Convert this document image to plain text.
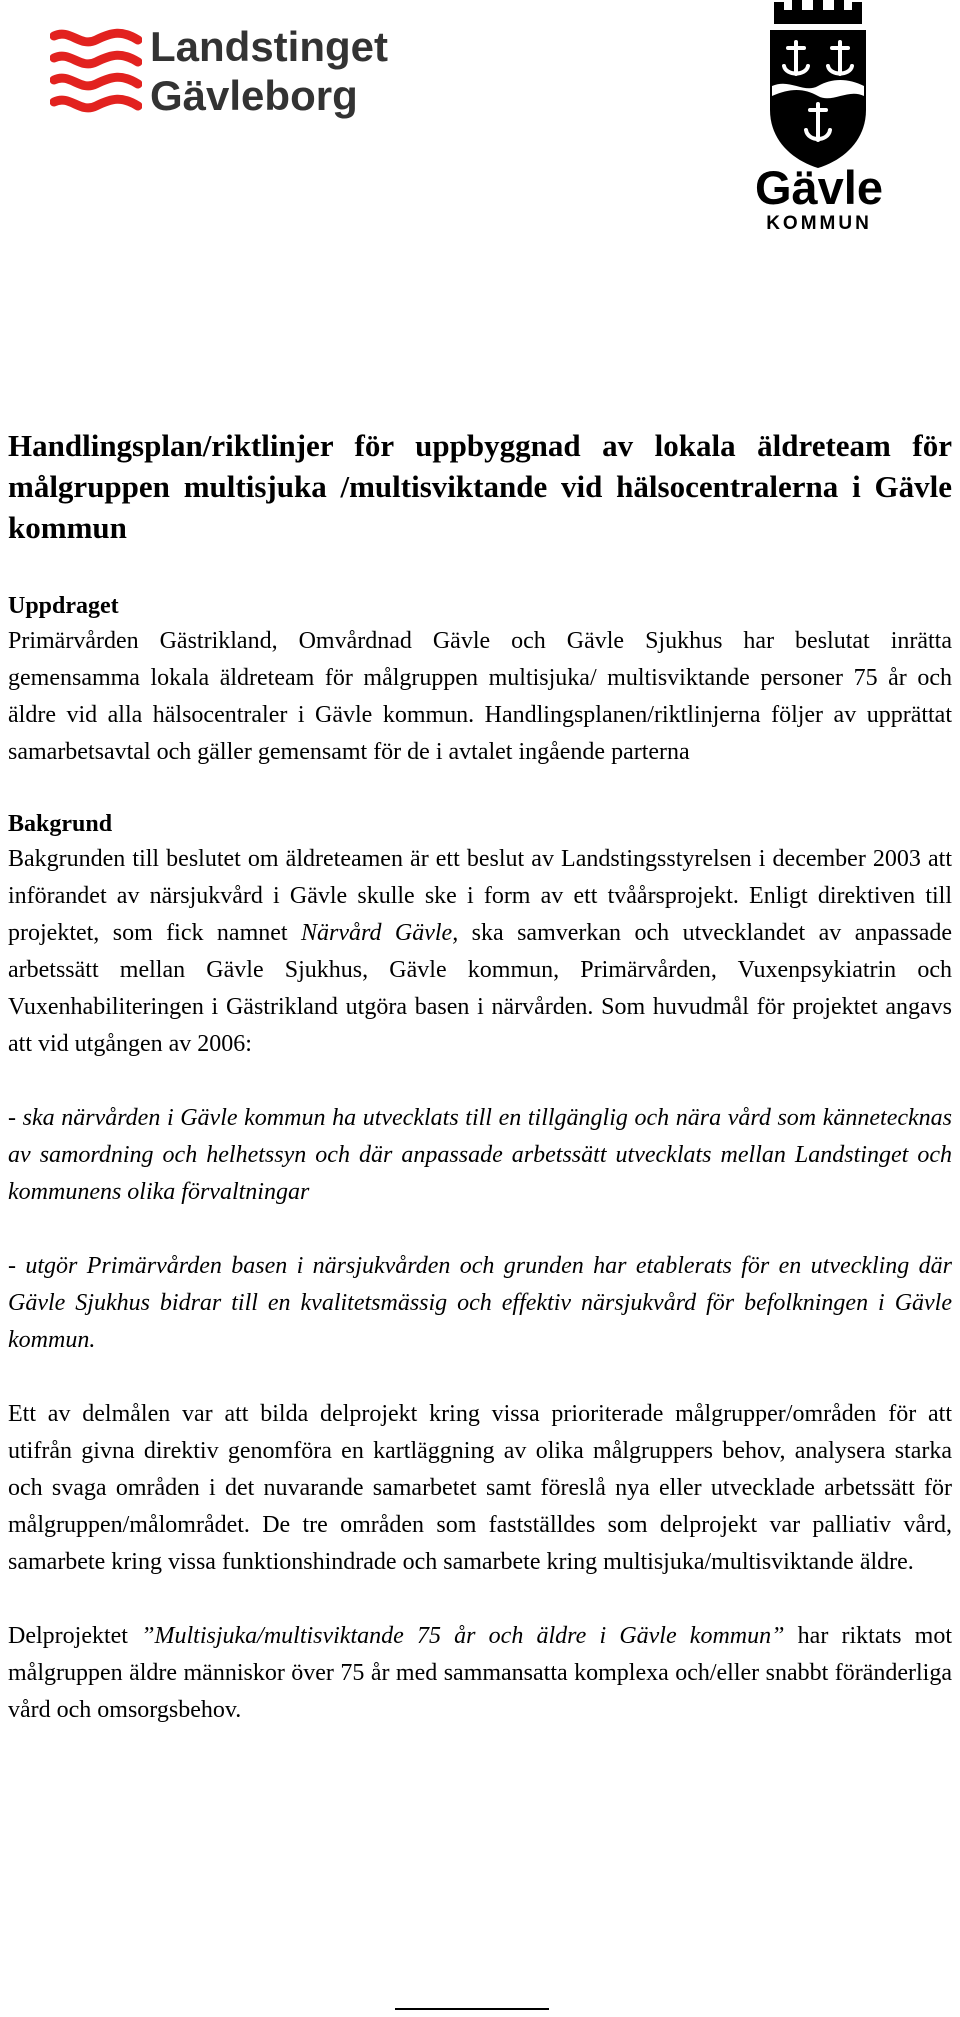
Landstinget
Gävleborg
Gävle
KOMMUN
Handlingsplan/riktlinjer för uppbyggnad av lokala äldreteam för målgruppen multisjuka /multisviktande vid hälsocentralerna i Gävle kommun
Uppdraget

Primärvården Gästrikland, Omvårdnad Gävle och Gävle Sjukhus har beslutat inrätta gemensamma lokala äldreteam för målgruppen multisjuka/ multisviktande personer 75 år och äldre vid alla hälsocentraler i Gävle kommun. Handlingsplanen/riktlinjerna följer av upprättat samarbetsavtal och gäller gemensamt för de i avtalet ingående parterna

Bakgrund

Bakgrunden till beslutet om äldreteamen är ett beslut av Landstingsstyrelsen i december 2003 att införandet av närsjukvård i Gävle skulle ske i form av ett tvåårsprojekt. Enligt direktiven till projektet, som fick namnet Närvård Gävle, ska samverkan och utvecklandet av anpassade arbetssätt mellan Gävle Sjukhus, Gävle kommun, Primärvården, Vuxenpsykiatrin och Vuxenhabiliteringen i Gästrikland utgöra basen i närvården. Som huvudmål för projektet angavs att vid utgången av 2006:

- ska närvården i Gävle kommun ha utvecklats till en tillgänglig och nära vård som kännetecknas av samordning och helhetssyn och där anpassade arbetssätt utvecklats mellan Landstinget och kommunens olika förvaltningar

- utgör Primärvården basen i närsjukvården och grunden har etablerats för en utveckling där Gävle Sjukhus bidrar till en kvalitetsmässig och effektiv närsjukvård för befolkningen i Gävle kommun.

Ett av delmålen var att bilda delprojekt kring vissa prioriterade målgrupper/områden för att utifrån givna direktiv genomföra en kartläggning av olika målgruppers behov, analysera starka och svaga områden i det nuvarande samarbetet samt föreslå nya eller utvecklade arbetssätt för målgruppen/målområdet. De tre områden som fastställdes som delprojekt var palliativ vård, samarbete kring vissa funktionshindrade och samarbete kring multisjuka/multisviktande äldre.

Delprojektet ”Multisjuka/multisviktande 75 år och äldre i Gävle kommun” har riktats mot målgruppen äldre människor över 75 år med sammansatta komplexa och/eller snabbt föränderliga vård och omsorgsbehov.
